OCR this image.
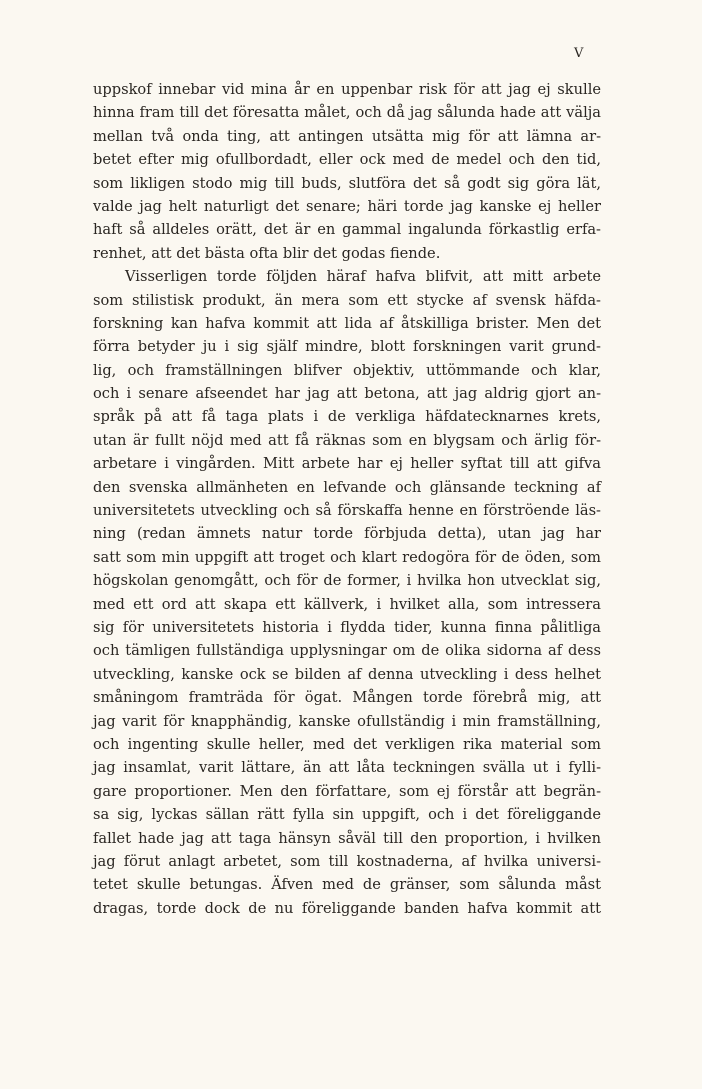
V
uppskof innebar vid mina år en uppenbar risk för att jag ej skulle
hinna fram till det föresatta målet, och då jag sålunda hade att välja
mellan två onda ting, att antingen utsätta mig för att lämna ar-
betet efter mig ofullbordadt, eller ock med de medel och den tid,
som likligen stodo mig till buds, slutföra det så godt sig göra lät,
valde jag helt naturligt det senare; häri torde jag kanske ej heller
haft så alldeles orätt, det är en gammal ingalunda förkastlig erfa-
renhet, att det bästa ofta blir det godas fiende.
Visserligen torde följden häraf hafva blifvit, att mitt arbete
som stilistisk produkt, än mera som ett stycke af svensk häfda-
forskning kan hafva kommit att lida af åtskilliga brister. Men det
förra betyder ju i sig själf mindre, blott forskningen varit grund-
lig, och framställningen blifver objektiv, uttömmande och klar,
och i senare afseendet har jag att betona, att jag aldrig gjort an-
språk på att få taga plats i de verkliga häfdatecknarnes krets,
utan är fullt nöjd med att få räknas som en blygsam och ärlig för-
arbetare i vingården. Mitt arbete har ej heller syftat till att gifva
den svenska allmänheten en lefvande och glänsande teckning af
universitetets utveckling och så förskaffa henne en förströende läs-
ning (redan ämnets natur torde förbjuda detta), utan jag har
satt som min uppgift att troget och klart redogöra för de öden, som
högskolan genomgått, och för de former, i hvilka hon utvecklat sig,
med ett ord att skapa ett källverk, i hvilket alla, som intressera
sig för universitetets historia i flydda tider, kunna finna pålitliga
och tämligen fullständiga upplysningar om de olika sidorna af dess
utveckling, kanske ock se bilden af denna utveckling i dess helhet
småningom framträda för ögat. Mången torde förebrå mig, att
jag varit för knapphändig, kanske ofullständig i min framställning,
och ingenting skulle heller, med det verkligen rika material som
jag insamlat, varit lättare, än att låta teckningen svälla ut i fylli-
gare proportioner. Men den författare, som ej förstår att begrän-
sa sig, lyckas sällan rätt fylla sin uppgift, och i det föreliggande
fallet hade jag att taga hänsyn såväl till den proportion, i hvilken
jag förut anlagt arbetet, som till kostnaderna, af hvilka universi-
tetet skulle betungas. Äfven med de gränser, som sålunda måst
dragas, torde dock de nu föreliggande banden hafva kommit att
